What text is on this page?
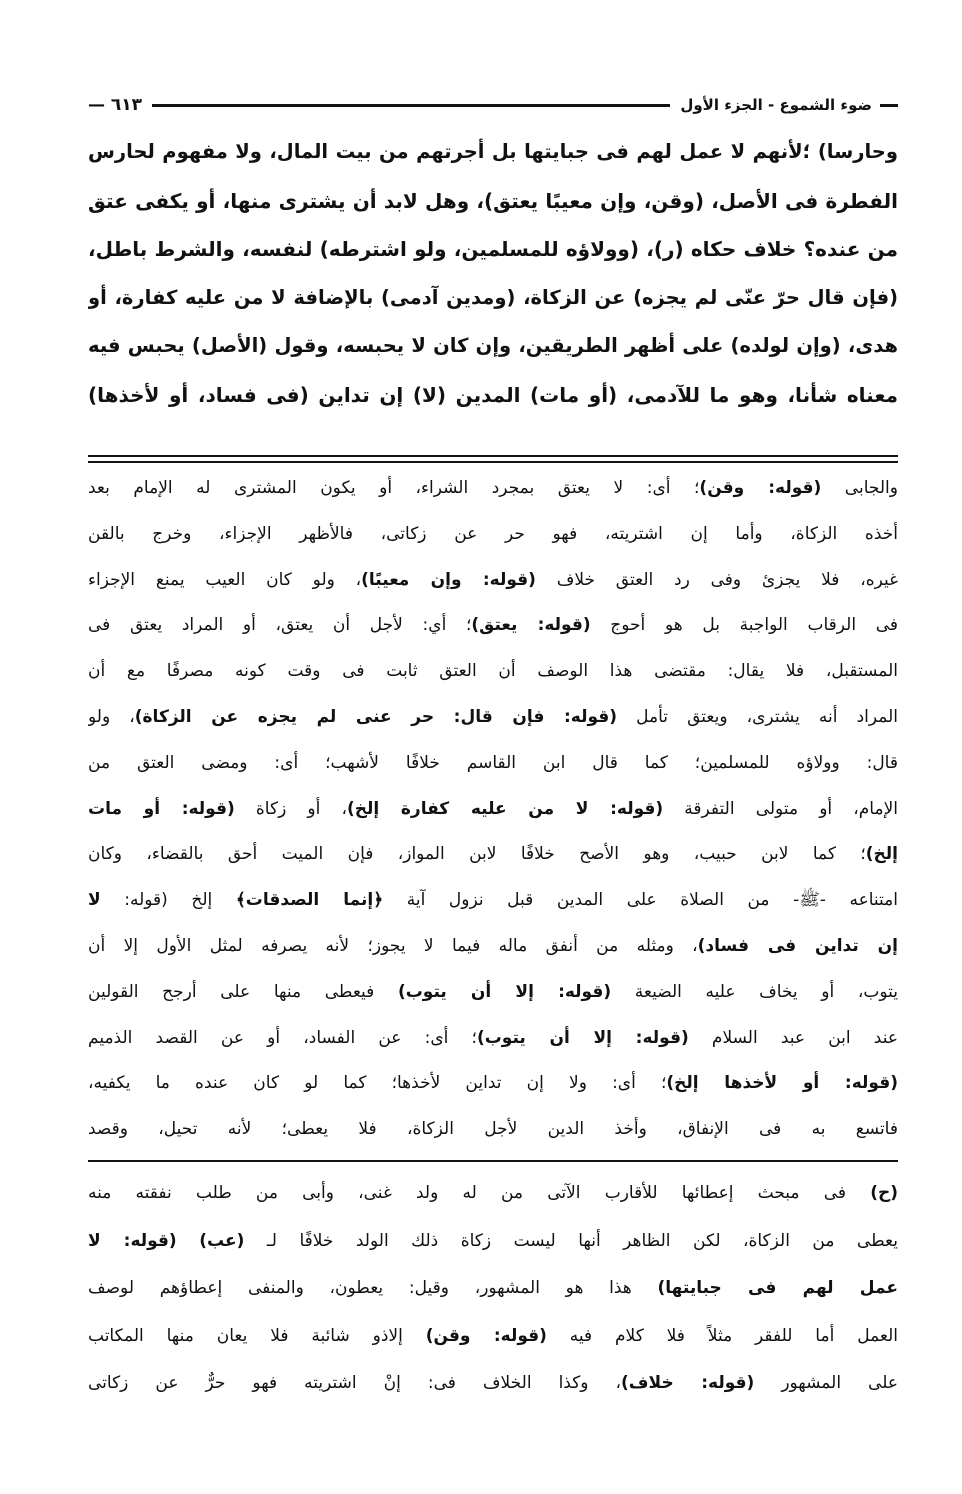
ضوء الشموع - الجزء الأول
٦١٣ —
وحارسا) ؛لأنهم لا عمل لهم فى جبايتها بل أجرتهم من بيت المال، ولا مفهوم لحارس
الفطرة فى الأصل، (وقن، وإن معيبًا يعتق)، وهل لابد أن يشترى منها، أو يكفى عتق
من عنده؟ خلاف حكاه (ر)، (وولاؤه للمسلمين، ولو اشترطه) لنفسه، والشرط باطل،
(فإن قال حرّ عنّى لم يجزه) عن الزكاة، (ومدين آدمى) بالإضافة لا من عليه كفارة، أو
هدى، (وإن لولده) على أظهر الطريقين، وإن كان لا يحبسه، وقول (الأصل) يحبس فيه
معناه شأنا، وهو ما للآدمى، (أو مات) المدين (لا) إن تداين (فى فساد، أو لأخذها)
والجابى (قوله: وقن)؛ أى: لا يعتق بمجرد الشراء، أو يكون المشترى له الإمام بعد
أخذه الزكاة، وأما إن اشتريته، فهو حر عن زكاتى، فالأظهر الإجزاء، وخرج بالقن
غيره، فلا يجزئ وفى رد العتق خلاف (قوله: وإن معيبًا)، ولو كان العيب يمنع الإجزاء
فى الرقاب الواجبة بل هو أحوج (قوله: يعتق)؛ أي: لأجل أن يعتق، أو المراد يعتق فى
المستقبل، فلا يقال: مقتضى هذا الوصف أن العتق ثابت فى وقت كونه مصرفًا مع أن
المراد أنه يشترى، ويعتق تأمل (قوله: فإن قال: حر عنى لم يجزه عن الزكاة)، ولو
قال: وولاؤه للمسلمين؛ كما قال ابن القاسم خلافًا لأشهب؛ أى: ومضى العتق من
الإمام، أو متولى التفرقة (قوله: لا من عليه كفارة إلخ)، أو زكاة (قوله: أو مات
إلخ)؛ كما لابن حبيب، وهو الأصح خلافًا لابن المواز، فإن الميت أحق بالقضاء، وكان
امتناعه -ﷺ- من الصلاة على المدين قبل نزول آية ﴿إنما الصدقات﴾ إلخ (قوله: لا
إن تداين فى فساد)، ومثله من أنفق ماله فيما لا يجوز؛ لأنه يصرفه لمثل الأول إلا أن
يتوب، أو يخاف عليه الضيعة (قوله: إلا أن يتوب) فيعطى منها على أرجح القولين
عند ابن عبد السلام (قوله: إلا أن يتوب)؛ أى: عن الفساد، أو عن القصد الذميم
(قوله: أو لأخذها إلخ)؛ أى: ولا إن تداين لأخذها؛ كما لو كان عنده ما يكفيه،
فاتسع به فى الإنفاق، وأخذ الدين لأجل الزكاة، فلا يعطى؛ لأنه تحيل، وقصد
(ح) فى مبحث إعطائها للأقارب الآتى من له ولد غنى، وأبى من طلب نفقته منه
يعطى من الزكاة، لكن الظاهر أنها ليست زكاة ذلك الولد خلافًا لـ (عب) (قوله: لا
عمل لهم فى جبايتها) هذا هو المشهور، وقيل: يعطون، والمنفى إعطاؤهم لوصف
العمل أما للفقر مثلاً فلا كلام فيه (قوله: وقن) إلاذو شائبة فلا يعان منها المكاتب
على المشهور (قوله: خلاف)، وكذا الخلاف فى: إنْ اشتريته فهو حرٌّ عن زكاتى
